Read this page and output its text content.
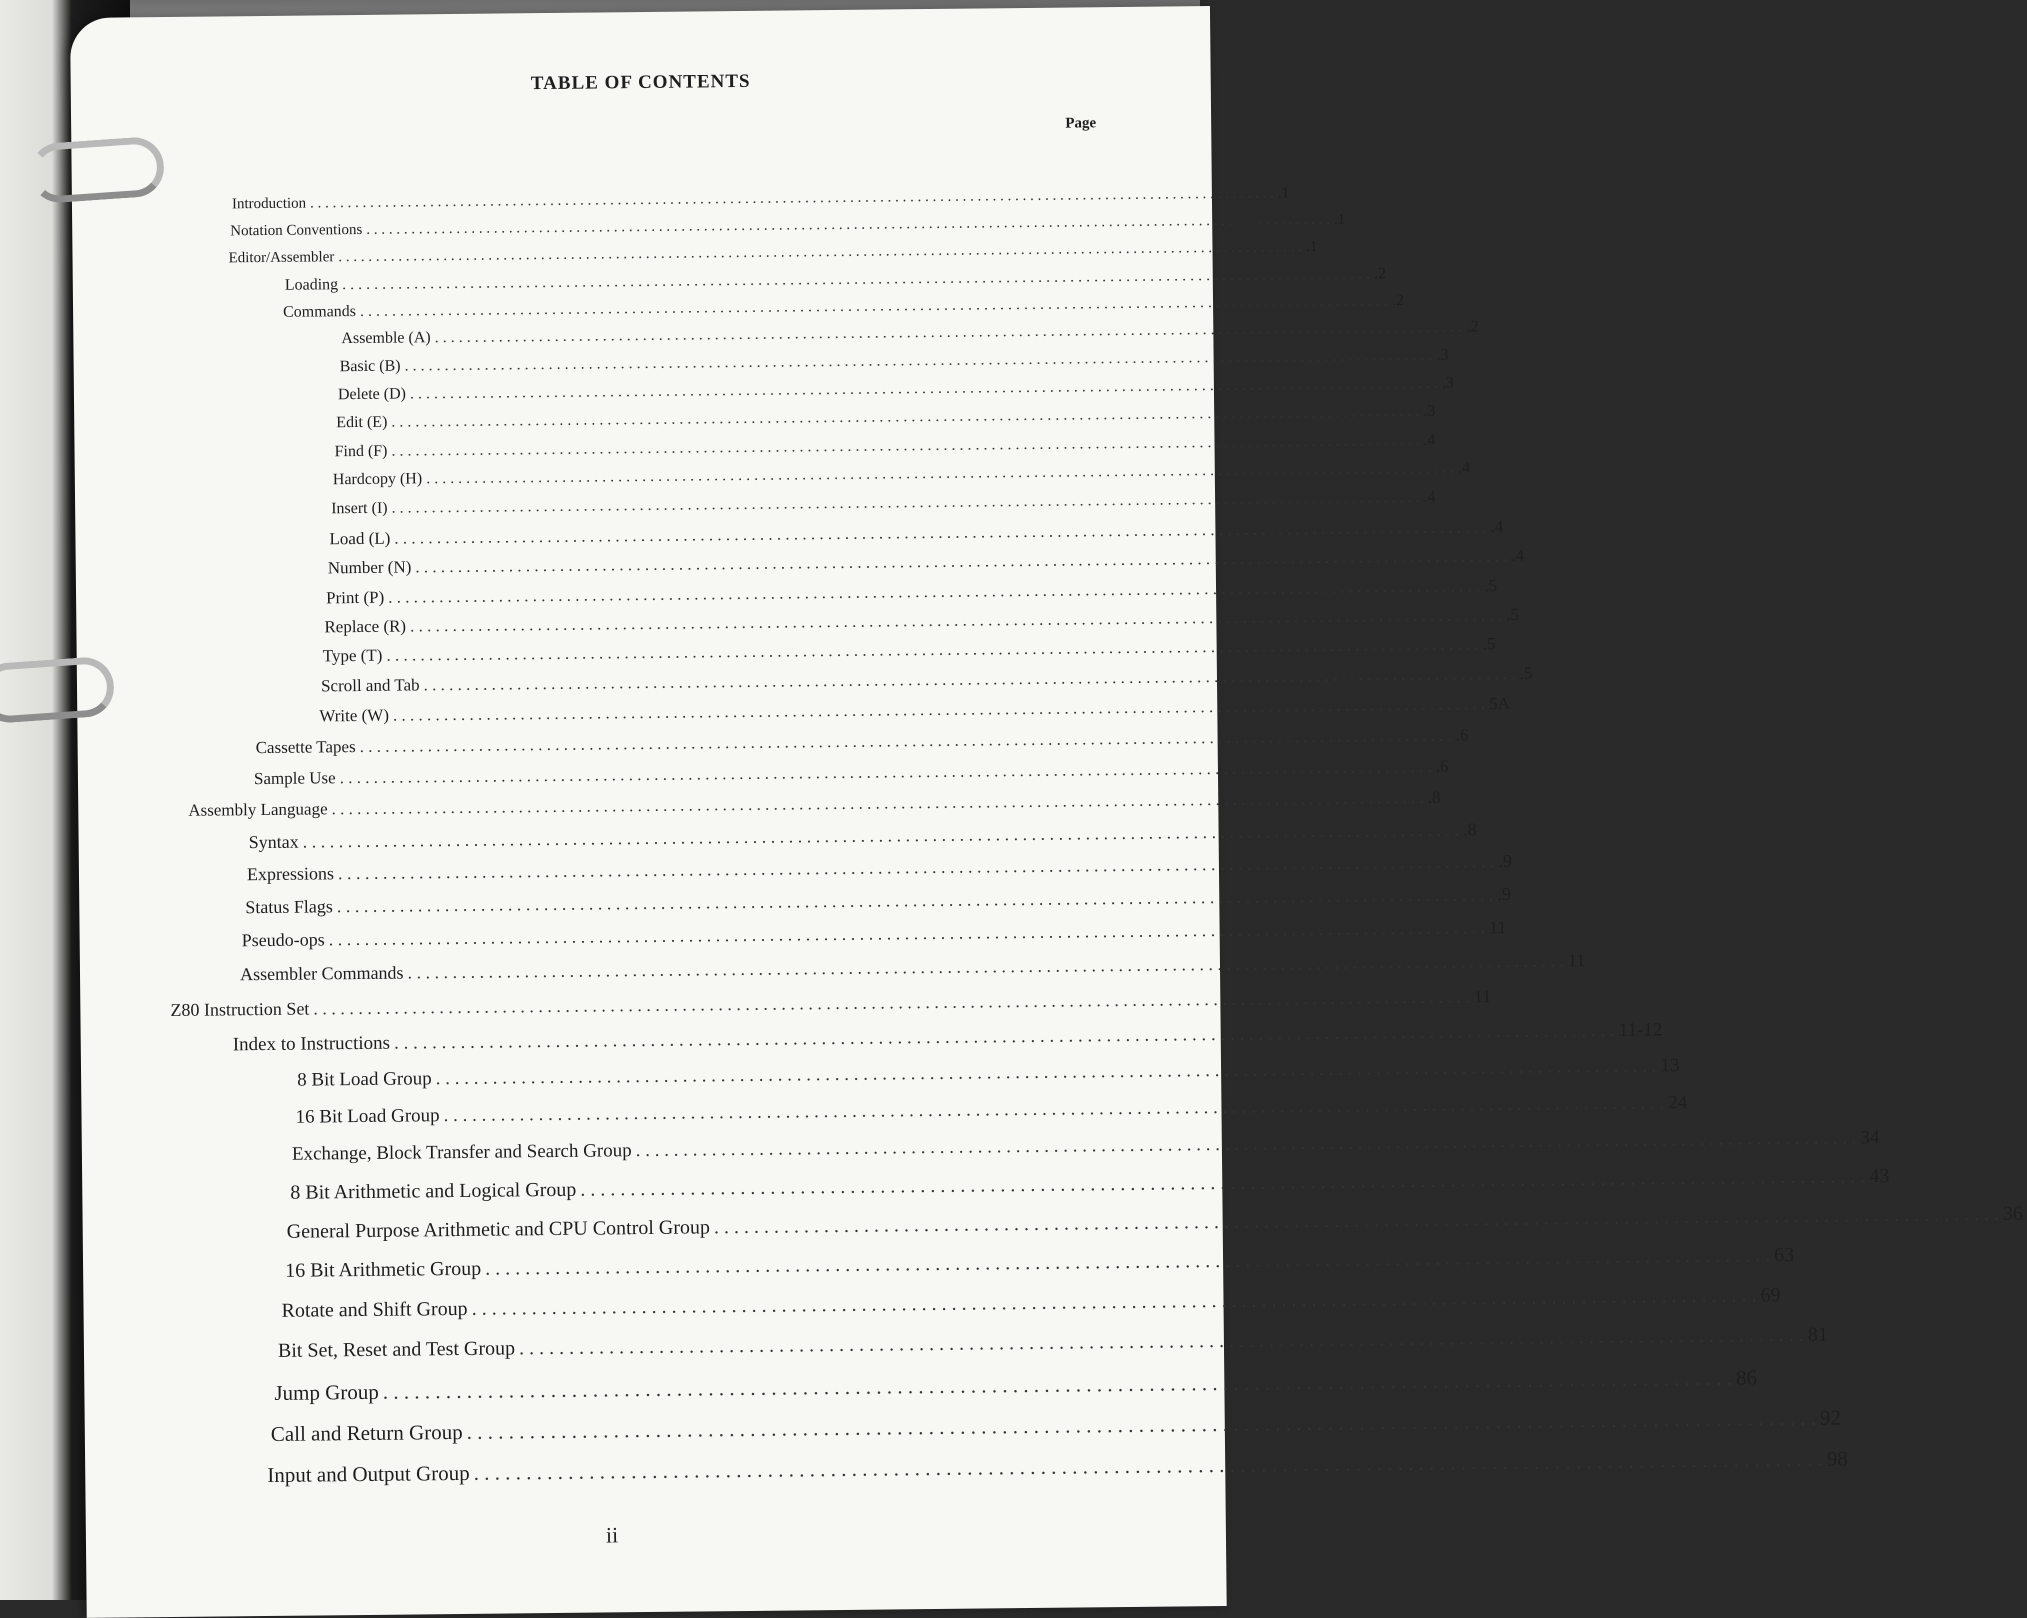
TABLE OF CONTENTS
Page
Introduction
. . .
.1
Notation Conventions
. . .
.1
Editor/Assembler
. . .
.1
Loading
. . .
.2
Commands
. . .
.2
Assemble (A)
. . .
.2
Basic (B)
. . .
.3
Delete (D)
. . .
.3
Edit (E)
. . .
.3
Find (F)
. . .
.4
Hardcopy (H)
. . .
.4
Insert (I)
. . .
.4
Load (L)
. . .
.4
Number (N)
. . .
.4
Print (P)
. . .
.5
Replace (R)
. . .
.5
Type (T)
. . .
.5
Scroll and Tab
. . .
.5
Write (W)
. . .
5A
Cassette Tapes
. . .
.6
Sample Use
. . .
.6
Assembly Language
. . .
.8
Syntax
. . .
.8
Expressions
. . .
.9
Status Flags
. . .
.9
Pseudo-ops
. . .
11
Assembler Commands
. . .
11
Z80 Instruction Set
. . .
11
Index to Instructions
. . .
11-12
8 Bit Load Group
. . .
13
16 Bit Load Group
. . .
24
Exchange, Block Transfer and Search Group
. . .
34
8 Bit Arithmetic and Logical Group
. . .
43
General Purpose Arithmetic and CPU Control Group
. . .
36
16 Bit Arithmetic Group
. . .
63
Rotate and Shift Group
. . .
69
Bit Set, Reset and Test Group
. . .
81
Jump Group
. . .
86
Call and Return Group
. . .
92
Input and Output Group
. . .
98
ii
